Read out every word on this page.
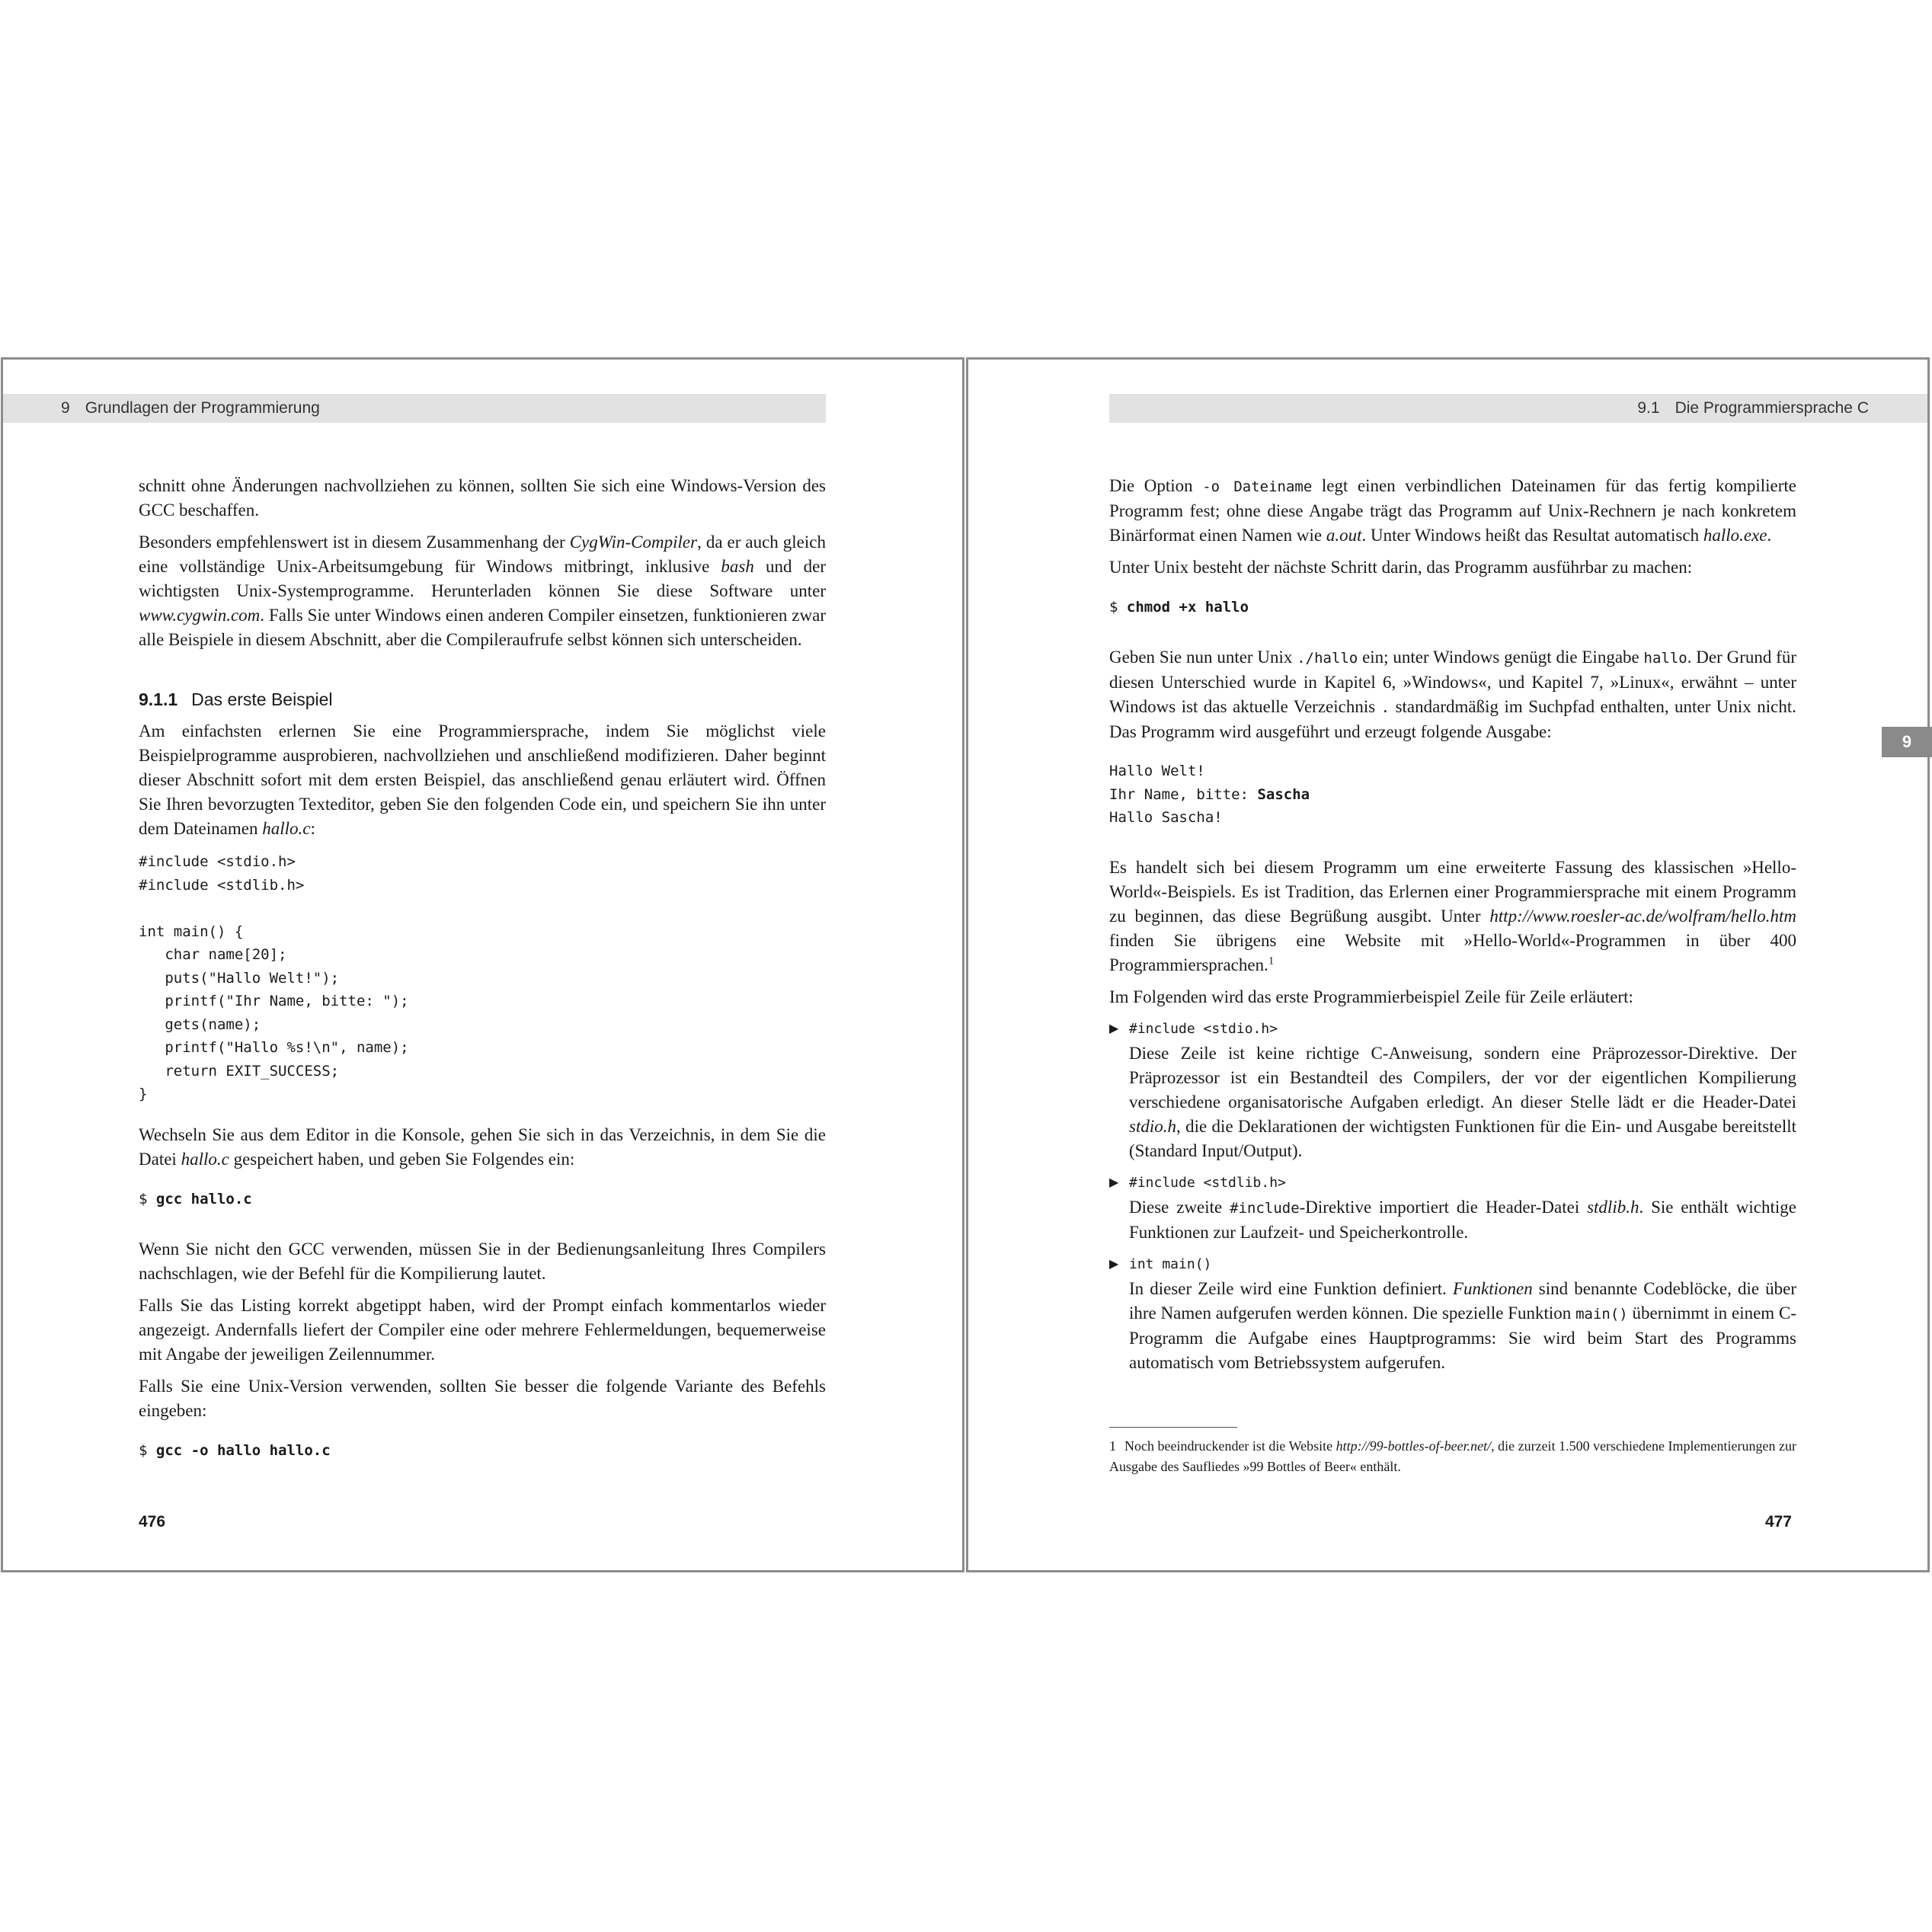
9 Grundlagen der Programmierung

schnitt ohne Änderungen nachvollziehen zu können, sollten Sie sich eine Windows-Version des GCC beschaffen.

Besonders empfehlenswert ist in diesem Zusammenhang der CygWin-Compiler, da er auch gleich eine vollständige Unix-Arbeitsumgebung für Windows mitbringt, inklusive bash und der wichtigsten Unix-Systemprogramme. Herunterladen können Sie diese Software unter www.cygwin.com. Falls Sie unter Windows einen anderen Compiler einsetzen, funktionieren zwar alle Beispiele in diesem Abschnitt, aber die Compileraufrufe selbst können sich unterscheiden.

9.1.1 Das erste Beispiel

Am einfachsten erlernen Sie eine Programmiersprache, indem Sie möglichst viele Beispielprogramme ausprobieren, nachvollziehen und anschließend modifizieren. Daher beginnt dieser Abschnitt sofort mit dem ersten Beispiel, das anschließend genau erläutert wird. Öffnen Sie Ihren bevorzugten Texteditor, geben Sie den folgenden Code ein, und speichern Sie ihn unter dem Dateinamen hallo.c:

#include <stdio.h>
#include <stdlib.h>

int main() {
char name[20];
puts("Hallo Welt!");
printf("Ihr Name, bitte: ");
gets(name);
printf("Hallo %s!\n", name);
return EXIT_SUCCESS;
}

Wechseln Sie aus dem Editor in die Konsole, gehen Sie sich in das Verzeichnis, in dem Sie die Datei hallo.c gespeichert haben, und geben Sie Folgendes ein:

$ gcc hallo.c

Wenn Sie nicht den GCC verwenden, müssen Sie in der Bedienungsanleitung Ihres Compilers nachschlagen, wie der Befehl für die Kompilierung lautet.

Falls Sie das Listing korrekt abgetippt haben, wird der Prompt einfach kommentarlos wieder angezeigt. Andernfalls liefert der Compiler eine oder mehrere Fehlermeldungen, bequemerweise mit Angabe der jeweiligen Zeilennummer.

Falls Sie eine Unix-Version verwenden, sollten Sie besser die folgende Variante des Befehls eingeben:

$ gcc -o hallo hallo.c
476
9.1 Die Programmiersprache C

Die Option -o Dateiname legt einen verbindlichen Dateinamen für das fertig kompilierte Programm fest; ohne diese Angabe trägt das Programm auf Unix-Rechnern je nach konkretem Binärformat einen Namen wie a.out. Unter Windows heißt das Resultat automatisch hallo.exe.

Unter Unix besteht der nächste Schritt darin, das Programm ausführbar zu machen:

$ chmod +x hallo

Geben Sie nun unter Unix ./hallo ein; unter Windows genügt die Eingabe hallo. Der Grund für diesen Unterschied wurde in Kapitel 6, »Windows«, und Kapitel 7, »Linux«, erwähnt – unter Windows ist das aktuelle Verzeichnis . standardmäßig im Suchpfad enthalten, unter Unix nicht. Das Programm wird ausgeführt und erzeugt folgende Ausgabe:

Hallo Welt!
Ihr Name, bitte: Sascha
Hallo Sascha!

Es handelt sich bei diesem Programm um eine erweiterte Fassung des klassischen »Hello-World«-Beispiels. Es ist Tradition, das Erlernen einer Programmiersprache mit einem Programm zu beginnen, das diese Begrüßung ausgibt. Unter http://www.roesler-ac.de/wolfram/hello.htm finden Sie übrigens eine Website mit »Hello-World«-Programmen in über 400 Programmiersprachen.$^1$

Im Folgenden wird das erste Programmierbeispiel Zeile für Zeile erläutert:

▶ #include <stdio.h>
Diese Zeile ist keine richtige C-Anweisung, sondern eine Präprozessor-Direktive. Der Präprozessor ist ein Bestandteil des Compilers, der vor der eigentlichen Kompilierung verschiedene organisatorische Aufgaben erledigt. An dieser Stelle lädt er die Header-Datei stdio.h, die die Deklarationen der wichtigsten Funktionen für die Ein- und Ausgabe bereitstellt (Standard Input/Output).
▶ #include <stdlib.h>
Diese zweite #include-Direktive importiert die Header-Datei stdlib.h. Sie enthält wichtige Funktionen zur Laufzeit- und Speicherkontrolle.
▶ int main()
In dieser Zeile wird eine Funktion definiert. Funktionen sind benannte Codeblöcke, die über ihre Namen aufgerufen werden können. Die spezielle Funktion main() übernimmt in einem C-Programm die Aufgabe eines Hauptprogramms: Sie wird beim Start des Programms automatisch vom Betriebssystem aufgerufen.
1 Noch beeindruckender ist die Website http://99-bottles-of-beer.net/, die zurzeit 1.500 verschiedene Implementierungen zur Ausgabe des Saufliedes »99 Bottles of Beer« enthält.
477
9
